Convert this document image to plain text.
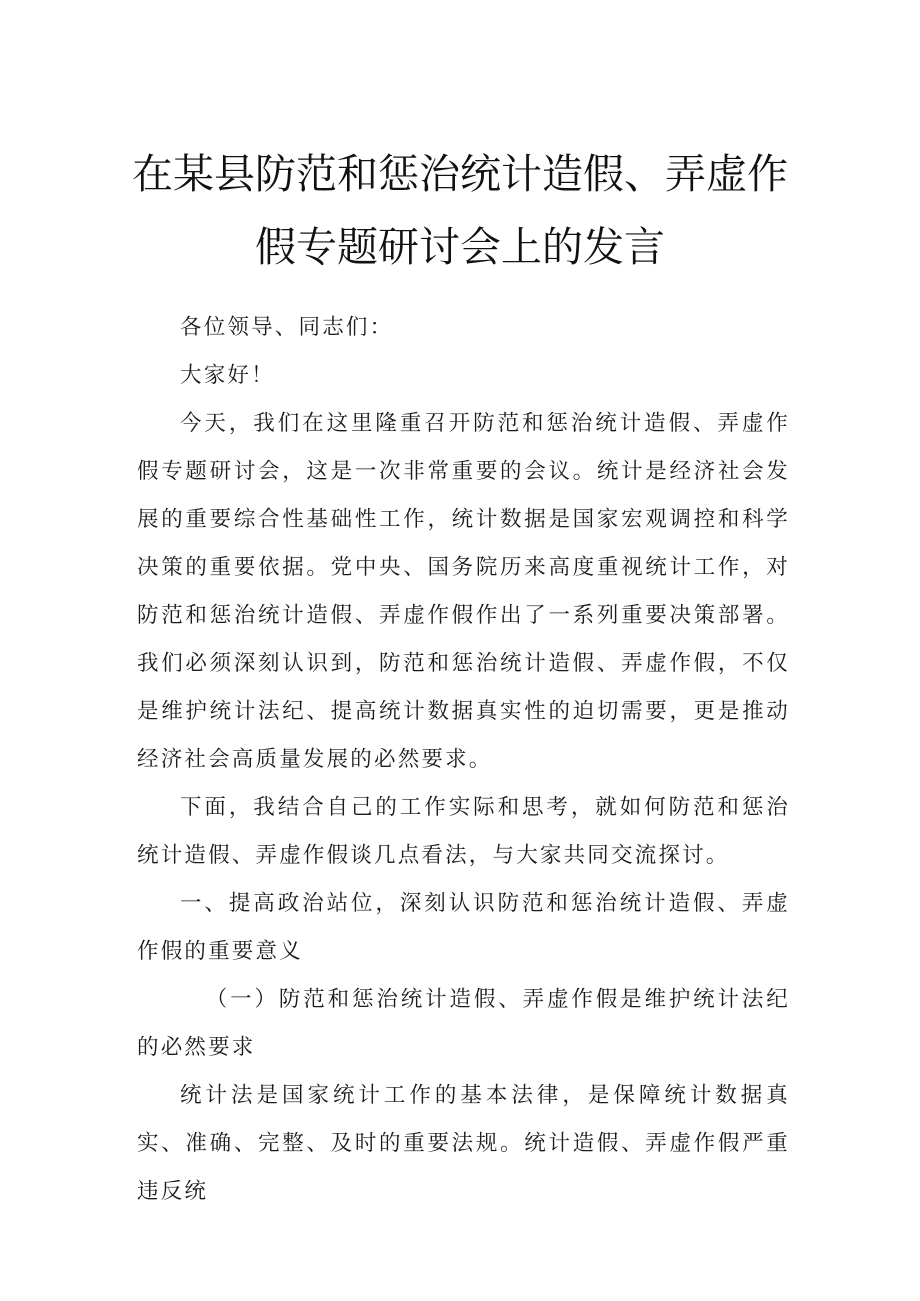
在某县防范和惩治统计造假、弄虚作假专题研讨会上的发言

各位领导、同志们：

大家好！

今天，我们在这里隆重召开防范和惩治统计造假、弄虚作假专题研讨会，这是一次非常重要的会议。统计是经济社会发展的重要综合性基础性工作，统计数据是国家宏观调控和科学决策的重要依据。党中央、国务院历来高度重视统计工作，对防范和惩治统计造假、弄虚作假作出了一系列重要决策部署。我们必须深刻认识到，防范和惩治统计造假、弄虚作假，不仅是维护统计法纪、提高统计数据真实性的迫切需要，更是推动经济社会高质量发展的必然要求。

下面，我结合自己的工作实际和思考，就如何防范和惩治统计造假、弄虚作假谈几点看法，与大家共同交流探讨。

一、提高政治站位，深刻认识防范和惩治统计造假、弄虚作假的重要意义

（一）防范和惩治统计造假、弄虚作假是维护统计法纪的必然要求

统计法是国家统计工作的基本法律，是保障统计数据真实、准确、完整、及时的重要法规。统计造假、弄虚作假严重违反统
